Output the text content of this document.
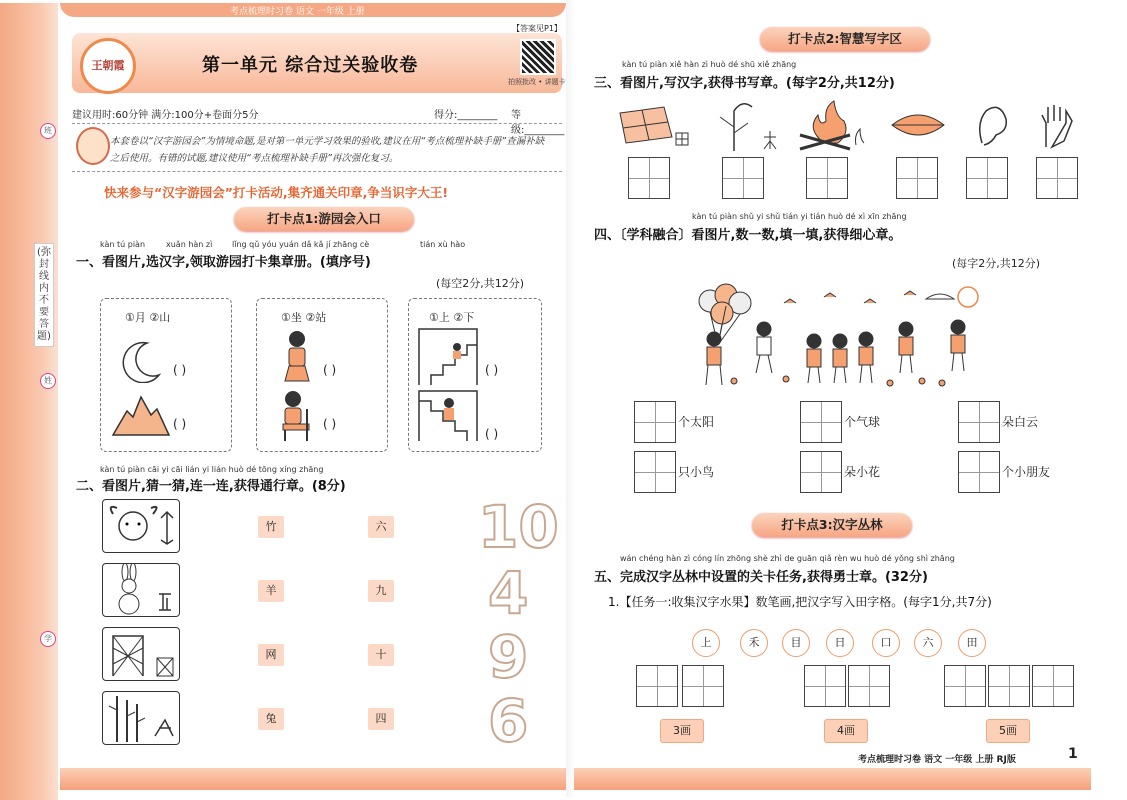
班
(弥封线内不要答题)
姓
学
考点梳理时习卷 语文 一年级 上册
王朝霞	第一单元 综合过关验收卷
拍照批改 • 讲题卡
【答案见P1】
建议用时:60分钟 满分:100分+卷面分5分	得分:________ 等级:________
本套卷以“汉字游园会”为情境命题,是对第一单元学习效果的验收,建议在用“考点梳理补缺手册”查漏补缺之后使用。有错的试题,建议使用“考点梳理补缺手册”再次强化复习。
快来参与“汉字游园会”打卡活动,集齐通关印章,争当识字大王!
打卡点1:游园会入口
kàn tú piàn	xuǎn hàn zì lǐng qǔ yóu yuán dǎ kǎ jí zhāng cè	tián xù hào
一、看图片,选汉字,领取游园打卡集章册。(填序号)
(每空2分,共12分)
①月 ②山
( )
( )
①坐 ②站
( )
( )
①上 ②下
( )
( )
kàn tú piàn cāi yi cāi lián yi lián huò dé tōng xíng zhāng
二、看图片,猜一猜,连一连,获得通行章。(8分)
竹
羊
网
兔
六
九
十
四
10
4
9
6
打卡点2:智慧写字区
kàn tú piàn xiě hàn zì huò dé shū xiě zhāng
三、看图片,写汉字,获得书写章。(每字2分,共12分)
kàn tú piàn shǔ yi shǔ tián yi tián huò dé xì xīn zhāng
四、〔学科融合〕看图片,数一数,填一填,获得细心章。
(每字2分,共12分)
个太阳	个气球	朵白云
只小鸟	朵小花	个小朋友
打卡点3:汉字丛林
wán chéng hàn zì cóng lín zhōng shè zhì de guān qiǎ rèn wu huò dé yǒng shì zhāng
五、完成汉字丛林中设置的关卡任务,获得勇士章。(32分)
1.【任务一:收集汉字水果】数笔画,把汉字写入田字格。(每字1分,共7分)
上	禾	目	日	口	六	田
3画	4画	5画
考点梳理时习卷 语文 一年级 上册 RJ版	1
